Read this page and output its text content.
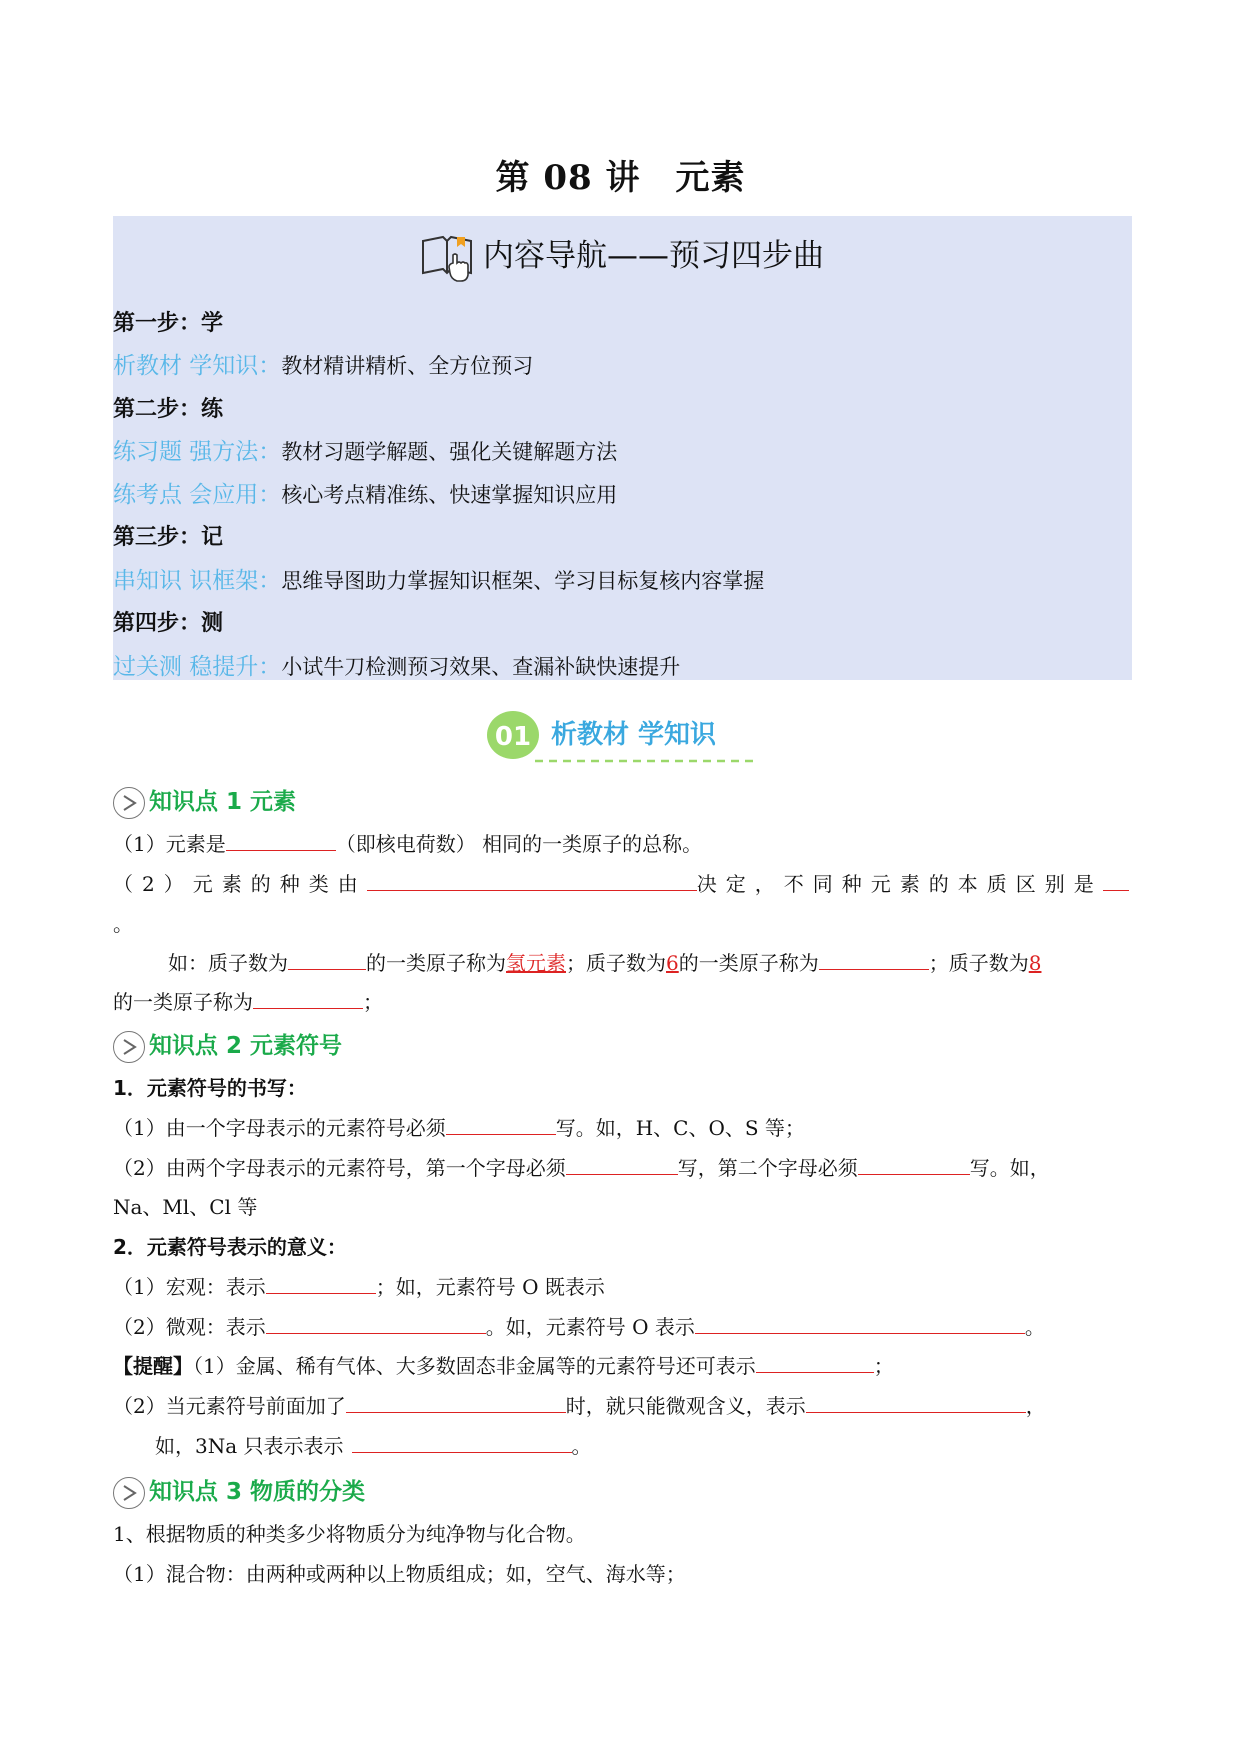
第 08 讲　元素
内容导航——预习四步曲
第一步：学
析教材 学知识：教材精讲精析、全方位预习
第二步：练
练习题 强方法：教材习题学解题、强化关键解题方法
练考点 会应用：核心考点精准练、快速掌握知识应用
第三步：记
串知识 识框架：思维导图助力掌握知识框架、学习目标复核内容掌握
第四步：测
过关测 稳提升：小试牛刀检测预习效果、查漏补缺快速提升
01 析教材 学知识
知识点 1 元素
（1）元素是	（即核电荷数） 相同的一类原子的总称。
（2）元素的种类由	决定，不同种元素的本质区别是
。
如：质子数为	的一类原子称为氢元素；质子数为6的一类原子称为	；质子数为8
的一类原子称为	；
知识点 2 元素符号
1．元素符号的书写：
（1）由一个字母表示的元素符号必须	写。如，H、C、O、S 等；
（2）由两个字母表示的元素符号，第一个字母必须	写，第二个字母必须	写。如，
Na、Ml、Cl 等
2．元素符号表示的意义：
（1）宏观：表示	；如，元素符号 O 既表示
（2）微观：表示	。如，元素符号 O 表示	。
【提醒】（1）金属、稀有气体、大多数固态非金属等的元素符号还可表示	；
（2）当元素符号前面加了	时，就只能微观含义，表示	，
如，3Na 只表示表示	。
知识点 3 物质的分类
1、根据物质的种类多少将物质分为纯净物与化合物。
（1）混合物：由两种或两种以上物质组成；如，空气、海水等；
